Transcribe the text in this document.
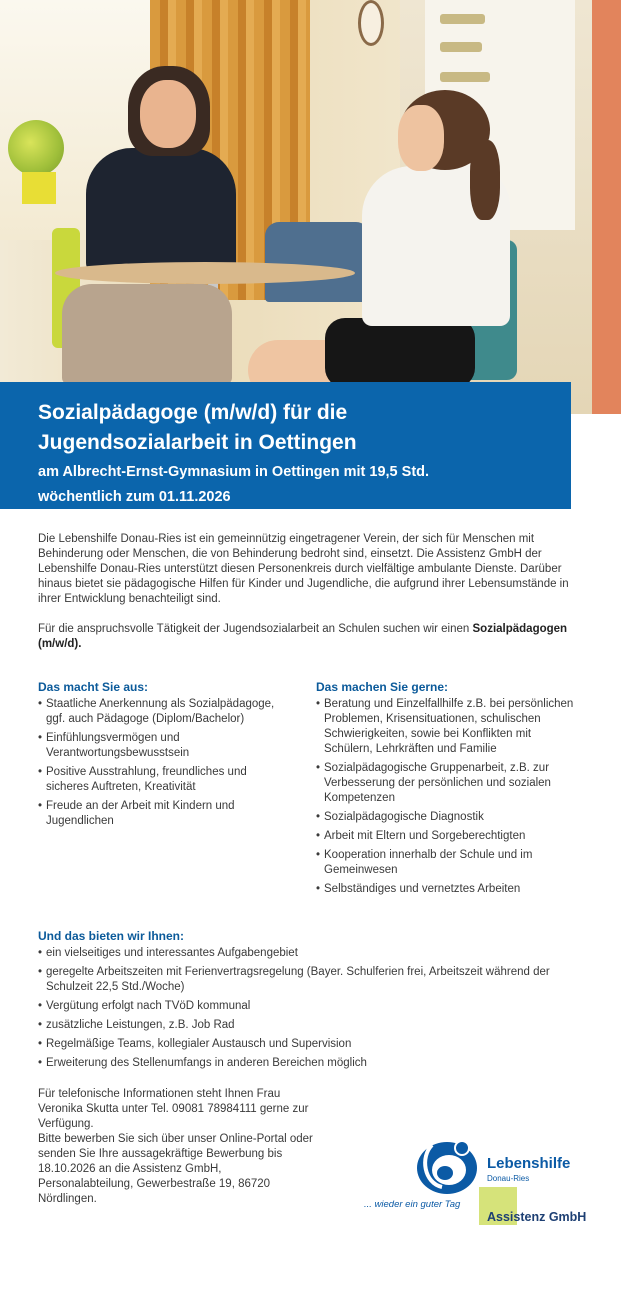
Sozialpädagoge (m/w/d) für die
Jugendsozialarbeit in Oettingen
am Albrecht-Ernst-Gymnasium in Oettingen mit 19,5 Std.
wöchentlich zum 01.11.2026

Die Lebenshilfe Donau-Ries ist ein gemeinnützig eingetragener Verein, der sich für Menschen mit Behinderung oder Menschen, die von Behinderung bedroht sind, einsetzt. Die Assistenz GmbH der Lebenshilfe Donau-Ries unterstützt diesen Personenkreis durch vielfältige ambulante Dienste. Darüber hinaus bietet sie pädagogische Hilfen für Kinder und Jugendliche, die aufgrund ihrer Lebensumstände in ihrer Entwicklung benachteiligt sind.

Für die anspruchsvolle Tätigkeit der Jugendsozialarbeit an Schulen suchen wir einen Sozialpädagogen (m/w/d).

Das macht Sie aus:
• Staatliche Anerkennung als Sozialpädagoge, ggf. auch Pädagoge (Diplom/Bachelor)
• Einfühlungsvermögen und Verantwortungsbewusstsein
• Positive Ausstrahlung, freundliches und sicheres Auftreten, Kreativität
• Freude an der Arbeit mit Kindern und Jugendlichen
Das machen Sie gerne:
• Beratung und Einzelfallhilfe z.B. bei persönlichen Problemen, Krisensituationen, schulischen Schwierigkeiten, sowie bei Konflikten mit Schülern, Lehrkräften und Familie
• Sozialpädagogische Gruppenarbeit, z.B. zur Verbesserung der persönlichen und sozialen Kompetenzen
• Sozialpädagogische Diagnostik
• Arbeit mit Eltern und Sorgeberechtigten
• Kooperation innerhalb der Schule und im Gemeinwesen
• Selbständiges und vernetztes Arbeiten
Und das bieten wir Ihnen:
• ein vielseitiges und interessantes Aufgabengebiet
• geregelte Arbeitszeiten mit Ferienvertragsregelung (Bayer. Schulferien frei, Arbeitszeit während der Schulzeit 22,5 Std./Woche)
• Vergütung erfolgt nach TVöD kommunal
• zusätzliche Leistungen, z.B. Job Rad
• Regelmäßige Teams, kollegialer Austausch und Supervision
• Erweiterung des Stellenumfangs in anderen Bereichen möglich
Für telefonische Informationen steht Ihnen Frau Veronika Skutta unter Tel. 09081 78984111 gerne zur Verfügung.
Bitte bewerben Sie sich über unser Online-Portal oder senden Sie Ihre aussagekräftige Bewerbung bis 18.10.2026 an die Assistenz GmbH, Personalabteilung, Gewerbestraße 19, 86720 Nördlingen.
Lebenshilfe
Donau-Ries
... wieder ein guter Tag
Assistenz GmbH
